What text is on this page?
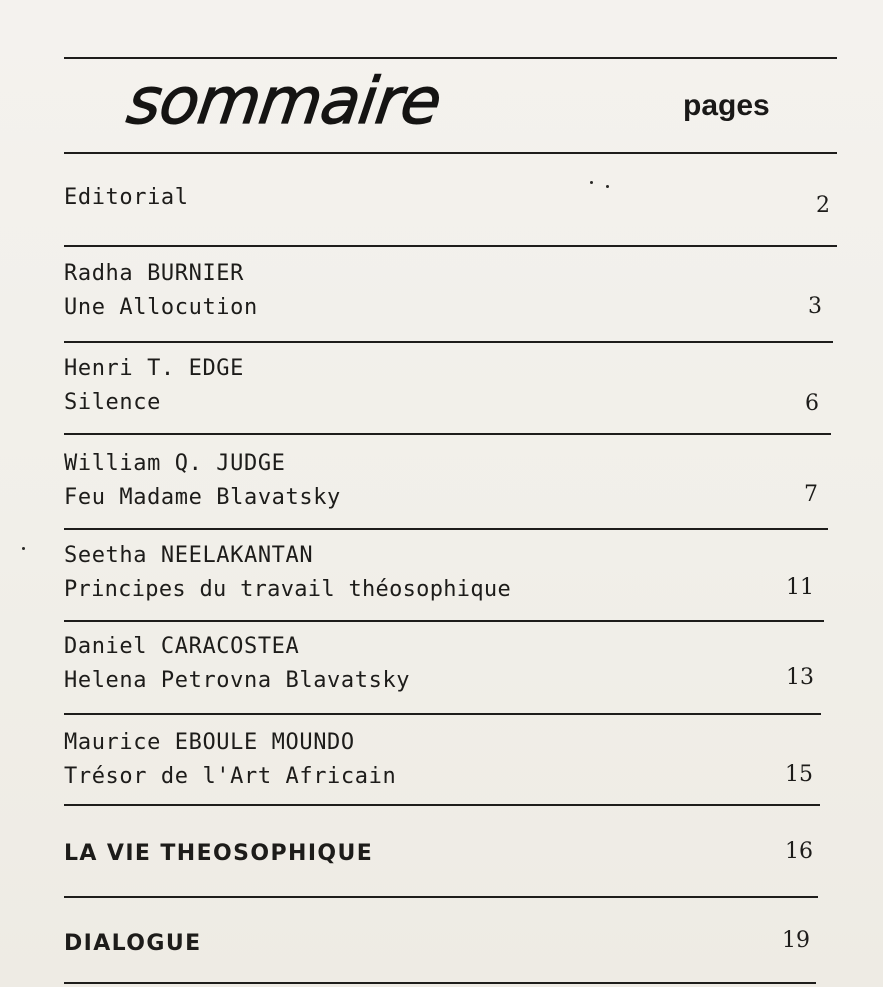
sommaire	pages
Editorial	2
Radha BURNIER
Une Allocution	3
Henri T. EDGE
Silence	6
William Q. JUDGE
Feu Madame Blavatsky	7
Seetha NEELAKANTAN
Principes du travail théosophique	11
Daniel CARACOSTEA
Helena Petrovna Blavatsky	13
Maurice EBOULE MOUNDO
Trésor de l'Art Africain	15
LA VIE THEOSOPHIQUE	16
DIALOGUE	19
